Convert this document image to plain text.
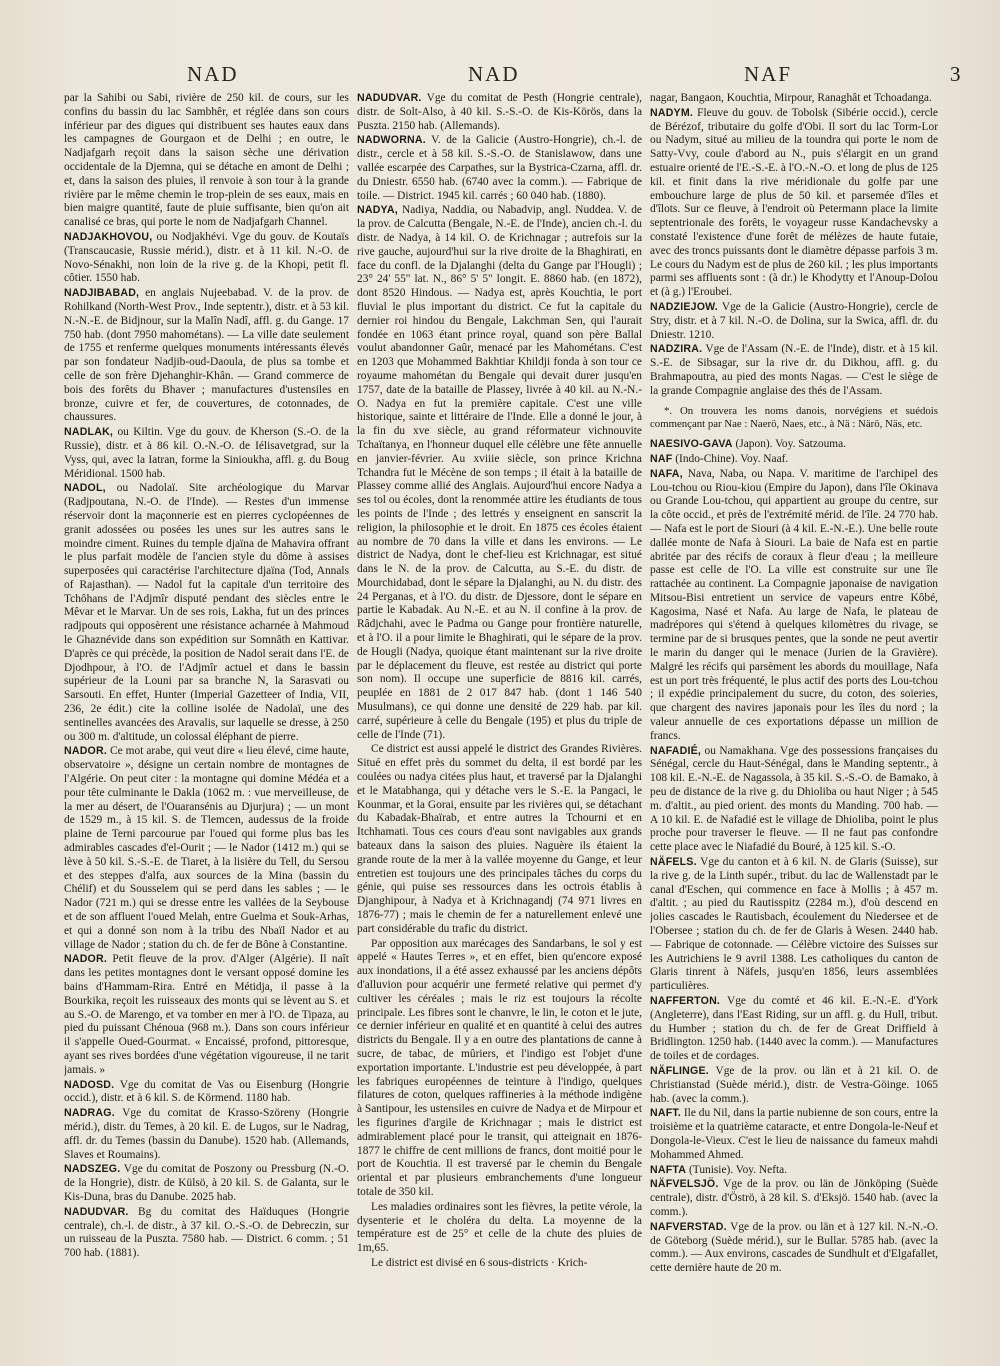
NAD	NAD	NAF	3

par la Sahibi ou Sabi, rivière de 250 kil. de cours, sur les confins du bassin du lac Sambhêr, et réglée dans son cours inférieur par des digues qui distribuent ses hautes eaux dans les campagnes de Gourgaon et de Delhi ; en outre, le Nadjafgarh reçoit dans la saison sèche une dérivation occidentale de la Djemna, qui se détache en amont de Delhi ; et, dans la saison des pluies, il renvoie à son tour à la grande rivière par le même chemin le trop-plein de ses eaux, mais en bien maigre quantité, faute de pluie suffisante, bien qu'on ait canalisé ce bras, qui porte le nom de Nadjafgarh Channel.

NADJAKHOVOU, ou Nodjakhévi. Vge du gouv. de Koutaïs (Transcaucasie, Russie mérid.), distr. et à 11 kil. N.-O. de Novo-Sénakhi, non loin de la rive g. de la Khopi, petit fl. côtier. 1550 hab.

NADJIBABAD, en anglais Nujeebabad. V. de la prov. de Rohilkand (North-West Prov., Inde septentr.), distr. et à 53 kil. N.-N.-E. de Bidjnour, sur la Malîn Nadî, affl. g. du Gange. 17 750 hab. (dont 7950 mahométans). — La ville date seulement de 1755 et renferme quelques monuments intéressants élevés par son fondateur Nadjib-oud-Daoula, de plus sa tombe et celle de son frère Djehanghir-Khân. — Grand commerce de bois des forêts du Bhaver ; manufactures d'ustensiles en bronze, cuivre et fer, de couvertures, de cotonnades, de chaussures.

NADLAK, ou Kiltin. Vge du gouv. de Kherson (S.-O. de la Russie), distr. et à 86 kil. O.-N.-O. de Iélisavetgrad, sur la Vyss, qui, avec la Iatran, forme la Sinioukha, affl. g. du Boug Méridional. 1500 hab.

NADOL, ou Nadolaï. Site archéologique du Marvar (Radjpoutana, N.-O. de l'Inde). — Restes d'un immense réservoir dont la maçonnerie est en pierres cyclopéennes de granit adossées ou posées les unes sur les autres sans le moindre ciment. Ruines du temple djaïna de Mahavira offrant le plus parfait modèle de l'ancien style du dôme à assises superposées qui caractérise l'architecture djaïna (Tod, Annals of Rajasthan). — Nadol fut la capitale d'un territoire des Tchôhans de l'Adjmîr disputé pendant des siècles entre le Mêvar et le Marvar. Un de ses rois, Lakha, fut un des princes radjpouts qui opposèrent une résistance acharnée à Mahmoud le Ghaznévide dans son expédition sur Somnâth en Kattivar. D'après ce qui précède, la position de Nadol serait dans l'E. de Djodhpour, à l'O. de l'Adjmîr actuel et dans le bassin supérieur de la Louni par sa branche N, la Sarasvati ou Sarsouti. En effet, Hunter (Imperial Gazetteer of India, VII, 236, 2e édit.) cite la colline isolée de Nadolaï, une des sentinelles avancées des Aravalis, sur laquelle se dresse, à 250 ou 300 m. d'altitude, un colossal éléphant de pierre.

NADOR. Ce mot arabe, qui veut dire « lieu élevé, cime haute, observatoire », désigne un certain nombre de montagnes de l'Algérie. On peut citer : la montagne qui domine Médéa et a pour tête culminante le Dakla (1062 m. : vue merveilleuse, de la mer au désert, de l'Ouaransénis au Djurjura) ; — un mont de 1529 m., à 15 kil. S. de Tlemcen, audessus de la froide plaine de Terni parcourue par l'oued qui forme plus bas les admirables cascades d'el-Ourit ; — le Nador (1412 m.) qui se lève à 50 kil. S.-S.-E. de Tiaret, à la lisière du Tell, du Sersou et des steppes d'alfa, aux sources de la Mina (bassin du Chélif) et du Sousselem qui se perd dans les sables ; — le Nador (721 m.) qui se dresse entre les vallées de la Seybouse et de son affluent l'oued Melah, entre Guelma et Souk-Arhas, et qui a donné son nom à la tribu des Nbaïl Nador et au village de Nador ; station du ch. de fer de Bône à Constantine.

NADOR. Petit fleuve de la prov. d'Alger (Algérie). Il naît dans les petites montagnes dont le versant opposé domine les bains d'Hammam-Rira. Entré en Métidja, il passe à la Bourkika, reçoit les ruisseaux des monts qui se lèvent au S. et au S.-O. de Marengo, et va tomber en mer à l'O. de Tipaza, au pied du puissant Chénoua (968 m.). Dans son cours inférieur il s'appelle Oued-Gourmat. « Encaissé, profond, pittoresque, ayant ses rives bordées d'une végétation vigoureuse, il ne tarit jamais. »

NADOSD. Vge du comitat de Vas ou Eisenburg (Hongrie occid.), distr. et à 6 kil. S. de Körmend. 1180 hab.

NADRAG. Vge du comitat de Krasso-Szöreny (Hongrie mérid.), distr. du Temes, à 20 kil. E. de Lugos, sur le Nadrag, affl. dr. du Temes (bassin du Danube). 1520 hab. (Allemands, Slaves et Roumains).

NADSZEG. Vge du comitat de Poszony ou Pressburg (N.-O. de la Hongrie), distr. de Külsö, à 20 kil. S. de Galanta, sur le Kis-Duna, bras du Danube. 2025 hab.

NADUDVAR. Bg du comitat des Haïduques (Hongrie centrale), ch.-l. de distr., à 37 kil. O.-S.-O. de Debreczin, sur un ruisseau de la Puszta. 7580 hab. — District. 6 comm. ; 51 700 hab. (1881).

NADUDVAR. Vge du comitat de Pesth (Hongrie centrale), distr. de Solt-Also, à 40 kil. S.-S.-O. de Kis-Körös, dans la Puszta. 2150 hab. (Allemands).

NADWORNA. V. de la Galicie (Austro-Hongrie), ch.-l. de distr., cercle et à 58 kil. S.-S.-O. de Stanislawow, dans une vallée escarpée des Carpathes, sur la Bystrica-Czarna, affl. dr. du Dniestr. 6550 hab. (6740 avec la comm.). — Fabrique de toile. — District. 1945 kil. carrés ; 60 040 hab. (1880).

NADYA, Nadiya, Naddia, ou Nabadvip, angl. Nuddea. V. de la prov. de Calcutta (Bengale, N.-E. de l'Inde), ancien ch.-l. du distr. de Nadya, à 14 kil. O. de Krichnagar ; autrefois sur la rive gauche, aujourd'hui sur la rive droite de la Bhaghirati, en face du confl. de la Djalanghi (delta du Gange par l'Hougli) ; 23° 24' 55" lat. N., 86° 5' 5" longit. E. 8860 hab. (en 1872), dont 8520 Hindous. — Nadya est, après Kouchtia, le port fluvial le plus important du district. Ce fut la capitale du dernier roi hindou du Bengale, Lakchman Sen, qui l'aurait fondée en 1063 étant prince royal, quand son père Ballal voulut abandonner Gaûr, menacé par les Mahométans. C'est en 1203 que Mohammed Bakhtiar Khildji fonda à son tour ce royaume mahométan du Bengale qui devait durer jusqu'en 1757, date de la bataille de Plassey, livrée à 40 kil. au N.-N.-O. Nadya en fut la première capitale. C'est une ville historique, sainte et littéraire de l'Inde. Elle a donné le jour, à la fin du xve siècle, au grand réformateur vichnouvite Tchaïtanya, en l'honneur duquel elle célèbre une fête annuelle en janvier-février. Au xviiie siècle, son prince Krichna Tchandra fut le Mécène de son temps ; il était à la bataille de Plassey comme allié des Anglais. Aujourd'hui encore Nadya a ses tol ou écoles, dont la renommée attire les étudiants de tous les points de l'Inde ; des lettrés y enseignent en sanscrit la religion, la philosophie et le droit. En 1875 ces écoles étaient au nombre de 70 dans la ville et dans les environs. — Le district de Nadya, dont le chef-lieu est Krichnagar, est situé dans le N. de la prov. de Calcutta, au S.-E. du distr. de Mourchidabad, dont le sépare la Djalanghi, au N. du distr. des 24 Perganas, et à l'O. du distr. de Djessore, dont le sépare en partie le Kabadak. Au N.-E. et au N. il confine à la prov. de Râdjchahi, avec le Padma ou Gange pour frontière naturelle, et à l'O. il a pour limite le Bhaghirati, qui le sépare de la prov. de Hougli (Nadya, quoique étant maintenant sur la rive droite par le déplacement du fleuve, est restée au district qui porte son nom). Il occupe une superficie de 8816 kil. carrés, peuplée en 1881 de 2 017 847 hab. (dont 1 146 540 Musulmans), ce qui donne une densité de 229 hab. par kil. carré, supérieure à celle du Bengale (195) et plus du triple de celle de l'Inde (71).

Ce district est aussi appelé le district des Grandes Rivières. Situé en effet près du sommet du delta, il est bordé par les coulées ou nadya citées plus haut, et traversé par la Djalanghi et le Matabhanga, qui y détache vers le S.-E. la Pangaci, le Kounmar, et la Gorai, ensuite par les rivières qui, se détachant du Kabadak-Bhaïrab, et entre autres la Tchourni et en Itchhamati. Tous ces cours d'eau sont navigables aux grands bateaux dans la saison des pluies. Naguère ils étaient la grande route de la mer à la vallée moyenne du Gange, et leur entretien est toujours une des principales tâches du corps du génie, qui puise ses ressources dans les octrois établis à Djanghipour, à Nadya et à Krichnagandj (74 971 livres en 1876-77) ; mais le chemin de fer a naturellement enlevé une part considérable du trafic du district.

Par opposition aux marécages des Sandarbans, le sol y est appelé « Hautes Terres », et en effet, bien qu'encore exposé aux inondations, il a été assez exhaussé par les anciens dépôts d'alluvion pour acquérir une fermeté relative qui permet d'y cultiver les céréales ; mais le riz est toujours la récolte principale. Les fibres sont le chanvre, le lin, le coton et le jute, ce dernier inférieur en qualité et en quantité à celui des autres districts du Bengale. Il y a en outre des plantations de canne à sucre, de tabac, de mûriers, et l'indigo est l'objet d'une exportation importante. L'industrie est peu développée, à part les fabriques européennes de teinture à l'indigo, quelques filatures de coton, quelques raffineries à la méthode indigène à Santipour, les ustensiles en cuivre de Nadya et de Mirpour et les figurines d'argile de Krichnagar ; mais le district est admirablement placé pour le transit, qui atteignait en 1876-1877 le chiffre de cent millions de francs, dont moitié pour le port de Kouchtia. Il est traversé par le chemin du Bengale oriental et par plusieurs embranchements d'une longueur totale de 350 kil.

Les maladies ordinaires sont les fièvres, la petite vérole, la dysenterie et le choléra du delta. La moyenne de la température est de 25° et celle de la chute des pluies de 1m,65.

Le district est divisé en 6 sous-districts · Krich-

nagar, Bangaon, Kouchtia, Mirpour, Ranaghât et Tchoadanga.

NADYM. Fleuve du gouv. de Tobolsk (Sibérie occid.), cercle de Bérézof, tributaire du golfe d'Obi. Il sort du lac Torm-Lor ou Nadym, situé au milieu de la toundra qui porte le nom de Satty-Vvy, coule d'abord au N., puis s'élargit en un grand estuaire orienté de l'E.-S.-E. à l'O.-N.-O. et long de plus de 125 kil. et finit dans la rive méridionale du golfe par une embouchure large de plus de 50 kil. et parsemée d'îles et d'îlots. Sur ce fleuve, à l'endroit où Petermann place la limite septentrionale des forêts, le voyageur russe Kandachevsky a constaté l'existence d'une forêt de mélèzes de haute futaie, avec des troncs puissants dont le diamètre dépasse parfois 3 m. Le cours du Nadym est de plus de 260 kil. ; les plus importants parmi ses affluents sont : (à dr.) le Khodytty et l'Anoup-Dolou et (à g.) l'Eroubei.

NADZIEJOW. Vge de la Galicie (Austro-Hongrie), cercle de Stry, distr. et à 7 kil. N.-O. de Dolina, sur la Swica, affl. dr. du Dniestr. 1210.

NADZIRA. Vge de l'Assam (N.-E. de l'Inde), distr. et à 15 kil. S.-E. de Sibsagar, sur la rive dr. du Dikhou, affl. g. du Brahmapoutra, au pied des monts Nagas. — C'est le siège de la grande Compagnie anglaise des thés de l'Assam.

*. On trouvera les noms danois, norvégiens et suédois commençant par Nae : Naerö, Naes, etc., à Nä : Närö, Näs, etc.

NAESIVO-GAVA (Japon). Voy. Satzouma.

NAF (Indo-Chine). Voy. Naaf.

NAFA, Nava, Naba, ou Napa. V. maritime de l'archipel des Lou-tchou ou Riou-kiou (Empire du Japon), dans l'île Okinava ou Grande Lou-tchou, qui appartient au groupe du centre, sur la côte occid., et près de l'extrémité mérid. de l'île. 24 770 hab. — Nafa est le port de Siouri (à 4 kil. E.-N.-E.). Une belle route dallée monte de Nafa à Siouri. La baie de Nafa est en partie abritée par des récifs de coraux à fleur d'eau ; la meilleure passe est celle de l'O. La ville est construite sur une île rattachée au continent. La Compagnie japonaise de navigation Mitsou-Bisi entretient un service de vapeurs entre Kôbé, Kagosima, Nasé et Nafa. Au large de Nafa, le plateau de madrépores qui s'étend à quelques kilomètres du rivage, se termine par de si brusques pentes, que la sonde ne peut avertir le marin du danger qui le menace (Jurien de la Gravière). Malgré les récifs qui parsèment les abords du mouillage, Nafa est un port très fréquenté, le plus actif des ports des Lou-tchou ; il expédie principalement du sucre, du coton, des soieries, que chargent des navires japonais pour les îles du nord ; la valeur annuelle de ces exportations dépasse un million de francs.

NAFADIÉ, ou Namakhana. Vge des possessions françaises du Sénégal, cercle du Haut-Sénégal, dans le Manding septentr., à 108 kil. E.-N.-E. de Nagassola, à 35 kil. S.-S.-O. de Bamako, à peu de distance de la rive g. du Dhioliba ou haut Niger ; à 545 m. d'altit., au pied orient. des monts du Manding. 700 hab. — A 10 kil. E. de Nafadié est le village de Dhioliba, point le plus proche pour traverser le fleuve. — Il ne faut pas confondre cette place avec le Niafadié du Bouré, à 125 kil. S.-O.

NÄFELS. Vge du canton et à 6 kil. N. de Glaris (Suisse), sur la rive g. de la Linth supér., tribut. du lac de Wallenstadt par le canal d'Eschen, qui commence en face à Mollis ; à 457 m. d'altit. ; au pied du Rautisspitz (2284 m.), d'où descend en jolies cascades le Rautisbach, écoulement du Niedersee et de l'Obersee ; station du ch. de fer de Glaris à Wesen. 2440 hab. — Fabrique de cotonnade. — Célèbre victoire des Suisses sur les Autrichiens le 9 avril 1388. Les catholiques du canton de Glaris tinrent à Näfels, jusqu'en 1856, leurs assemblées particulières.

NAFFERTON. Vge du comté et 46 kil. E.-N.-E. d'York (Angleterre), dans l'East Riding, sur un affl. g. du Hull, tribut. du Humber ; station du ch. de fer de Great Driffield à Bridlington. 1250 hab. (1440 avec la comm.). — Manufactures de toiles et de cordages.

NÄFLINGE. Vge de la prov. ou län et à 21 kil. O. de Christianstad (Suède mérid.), distr. de Vestra-Göinge. 1065 hab. (avec la comm.).

NAFT. Ile du Nil, dans la partie nubienne de son cours, entre la troisième et la quatrième cataracte, et entre Dongola-le-Neuf et Dongola-le-Vieux. C'est le lieu de naissance du fameux mahdi Mohammed Ahmed.

NAFTA (Tunisie). Voy. Nefta.

NÄFVELSJÖ. Vge de la prov. ou län de Jönköping (Suède centrale), distr. d'Öströ, à 28 kil. S. d'Eksjö. 1540 hab. (avec la comm.).

NAFVERSTAD. Vge de la prov. ou län et à 127 kil. N.-N.-O. de Göteborg (Suède mérid.), sur le Bullar. 5785 hab. (avec la comm.). — Aux environs, cascades de Sundhult et d'Elgafallet, cette dernière haute de 20 m.
